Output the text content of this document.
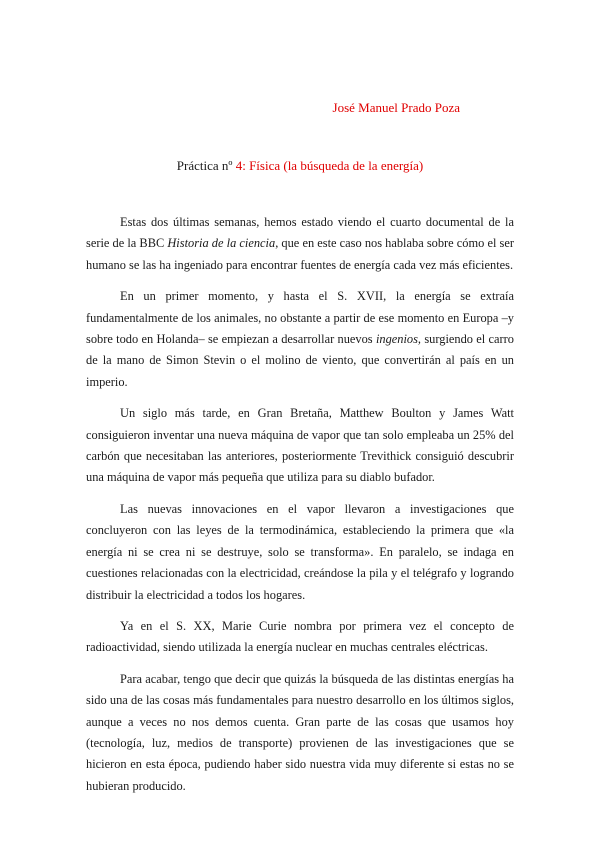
José Manuel Prado Poza
Práctica nº 4: Física (la búsqueda de la energía)

Estas dos últimas semanas, hemos estado viendo el cuarto documental de la serie de la BBC Historia de la ciencia, que en este caso nos hablaba sobre cómo el ser humano se las ha ingeniado para encontrar fuentes de energía cada vez más eficientes.

En un primer momento, y hasta el S. XVII, la energía se extraía fundamentalmente de los animales, no obstante a partir de ese momento en Europa –y sobre todo en Holanda– se empiezan a desarrollar nuevos ingenios, surgiendo el carro de la mano de Simon Stevin o el molino de viento, que convertirán al país en un imperio.

Un siglo más tarde, en Gran Bretaña, Matthew Boulton y James Watt consiguieron inventar una nueva máquina de vapor que tan solo empleaba un 25% del carbón que necesitaban las anteriores, posteriormente Trevithick consiguió descubrir una máquina de vapor más pequeña que utiliza para su diablo bufador.

Las nuevas innovaciones en el vapor llevaron a investigaciones que concluyeron con las leyes de la termodinámica, estableciendo la primera que «la energía ni se crea ni se destruye, solo se transforma». En paralelo, se indaga en cuestiones relacionadas con la electricidad, creándose la pila y el telégrafo y logrando distribuir la electricidad a todos los hogares.

Ya en el S. XX, Marie Curie nombra por primera vez el concepto de radioactividad, siendo utilizada la energía nuclear en muchas centrales eléctricas.

Para acabar, tengo que decir que quizás la búsqueda de las distintas energías ha sido una de las cosas más fundamentales para nuestro desarrollo en los últimos siglos, aunque a veces no nos demos cuenta. Gran parte de las cosas que usamos hoy (tecnología, luz, medios de transporte) provienen de las investigaciones que se hicieron en esta época, pudiendo haber sido nuestra vida muy diferente si estas no se hubieran producido.
